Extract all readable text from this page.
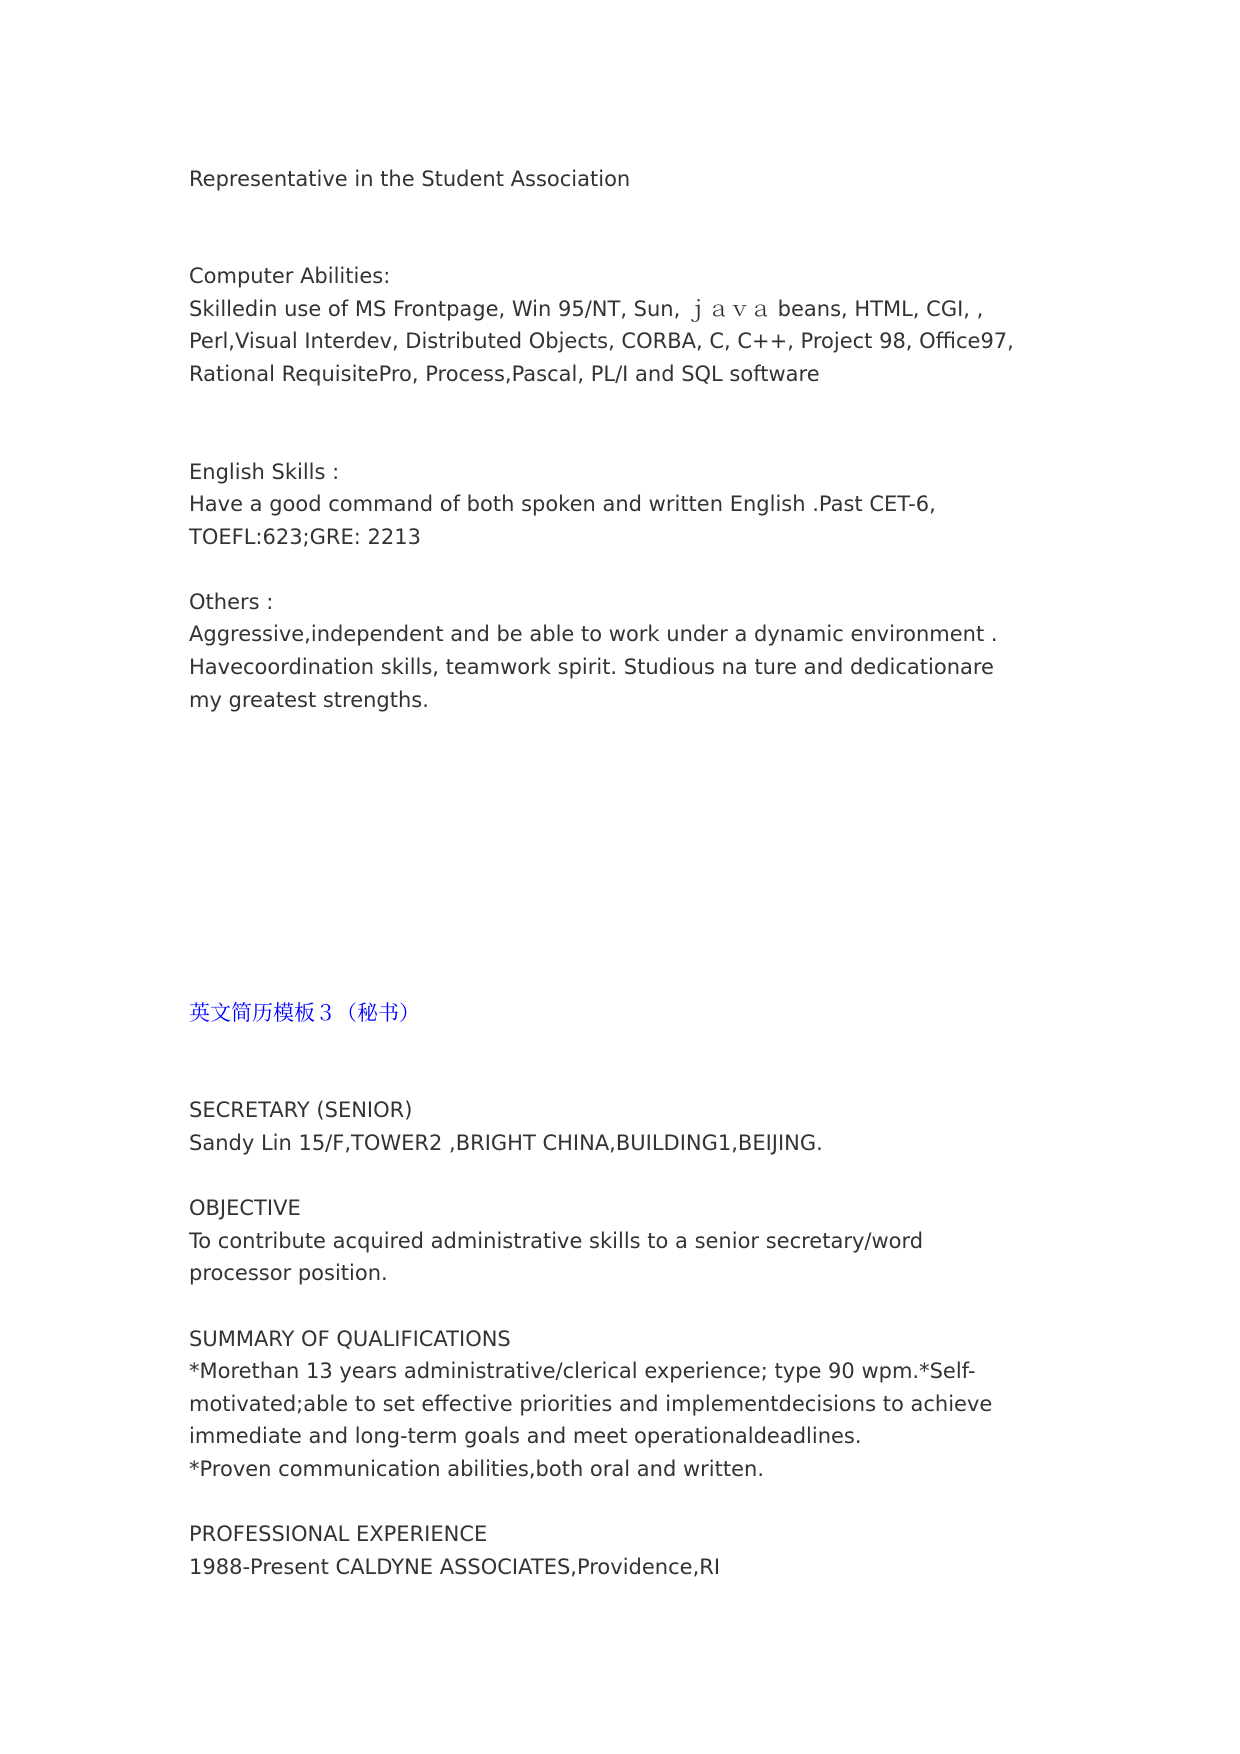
Representative in the Student Association
Computer Abilities:
Skilledin use of MS Frontpage, Win 95/NT, Sun, ｊａｖａ beans, HTML, CGI, ,
Perl,Visual Interdev, Distributed Objects, CORBA, C, C++, Project 98, Office97,
Rational RequisitePro, Process,Pascal, PL/I and SQL software
English Skills :
Have a good command of both spoken and written English .Past CET-6,
TOEFL:623;GRE: 2213
Others :
Aggressive,independent and be able to work under a dynamic environment .
Havecoordination skills, teamwork spirit. Studious na ture and dedicationare
my greatest strengths.
英文简历模板３（秘书）
SECRETARY (SENIOR)
Sandy Lin 15/F,TOWER2 ,BRIGHT CHINA,BUILDING1,BEIJING.
OBJECTIVE
To contribute acquired administrative skills to a senior secretary/word
processor position.
SUMMARY OF QUALIFICATIONS
*Morethan 13 years administrative/clerical experience; type 90 wpm.*Self-
motivated;able to set effective priorities and implementdecisions to achieve
immediate and long-term goals and meet operationaldeadlines.
*Proven communication abilities,both oral and written.
PROFESSIONAL EXPERIENCE
1988-Present CALDYNE ASSOCIATES,Providence,RI
